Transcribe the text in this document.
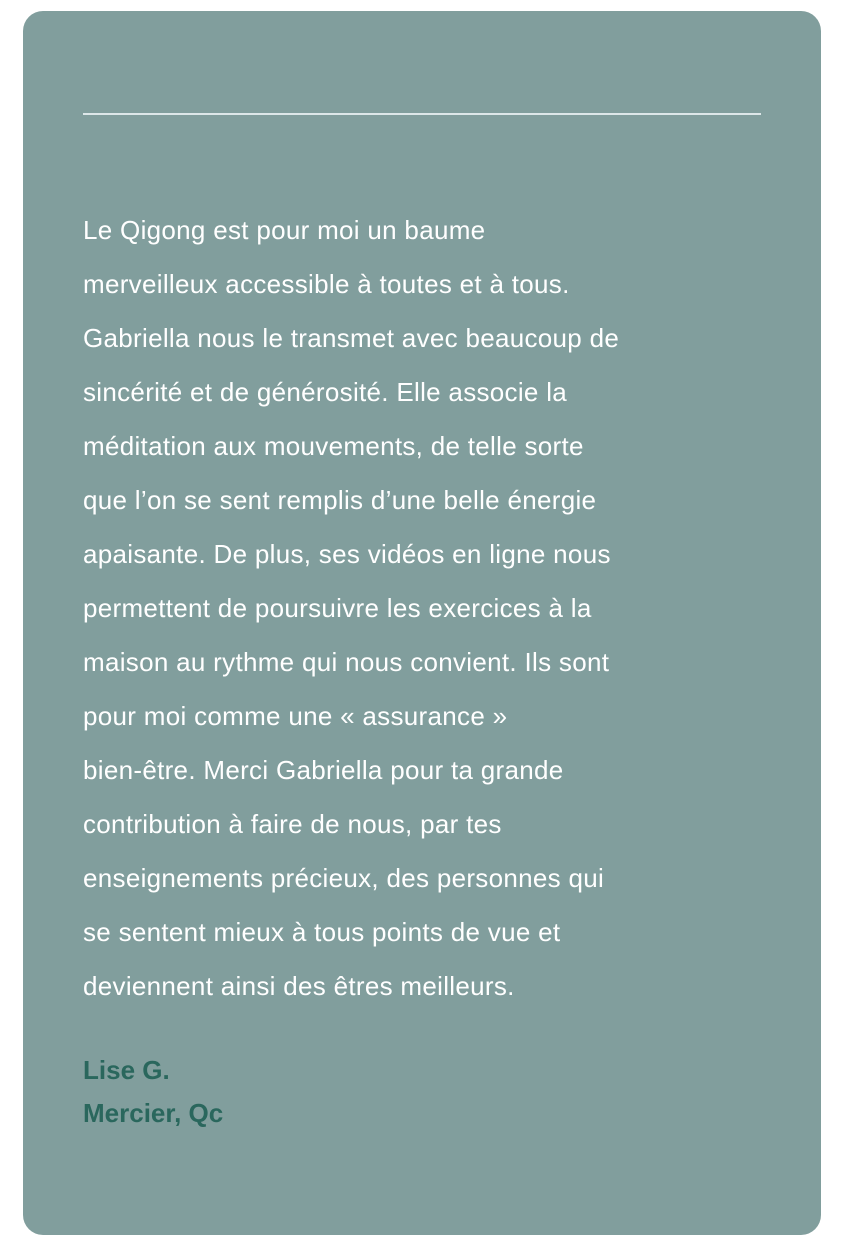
Le Qigong est pour moi un baume
merveilleux accessible à toutes et à tous.
Gabriella nous le transmet avec beaucoup de
sincérité et de générosité. Elle associe la
méditation aux mouvements, de telle sorte
que l’on se sent remplis d’une belle énergie
apaisante. De plus, ses vidéos en ligne nous
permettent de poursuivre les exercices à la
maison au rythme qui nous convient. Ils sont
pour moi comme une « assurance »
bien-être. Merci Gabriella pour ta grande
contribution à faire de nous, par tes
enseignements précieux, des personnes qui
se sentent mieux à tous points de vue et
deviennent ainsi des êtres meilleurs.

Lise G.
Mercier, Qc
